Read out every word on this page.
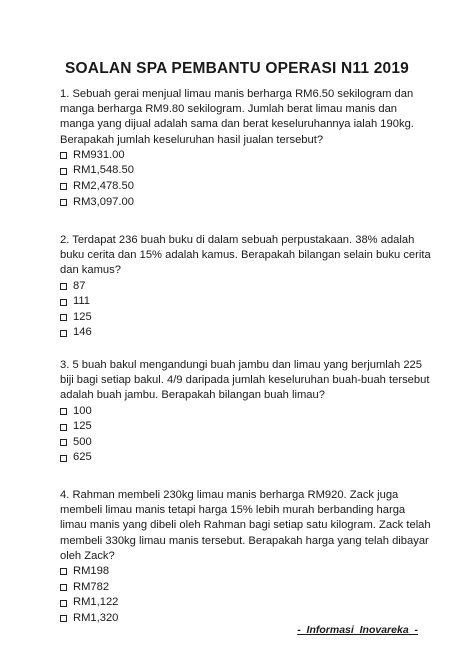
SOALAN SPA PEMBANTU OPERASI N11 2019

1. Sebuah gerai menjual limau manis berharga RM6.50 sekilogram dan manga berharga RM9.80 sekilogram. Jumlah berat limau manis dan manga yang dijual adalah sama dan berat keseluruhannya ialah 190kg. Berapakah jumlah keseluruhan hasil jualan tersebut?

RM931.00
RM1,548.50
RM2,478.50
RM3,097.00

2. Terdapat 236 buah buku di dalam sebuah perpustakaan. 38% adalah buku cerita dan 15% adalah kamus. Berapakah bilangan selain buku cerita dan kamus?

87
111
125
146

3. 5 buah bakul mengandungi buah jambu dan limau yang berjumlah 225 biji bagi setiap bakul. 4/9 daripada jumlah keseluruhan buah-buah tersebut adalah buah jambu. Berapakah bilangan buah limau?

100
125
500
625

4. Rahman membeli 230kg limau manis berharga RM920. Zack juga membeli limau manis tetapi harga 15% lebih murah berbanding harga limau manis yang dibeli oleh Rahman bagi setiap satu kilogram. Zack telah membeli 330kg limau manis tersebut. Berapakah harga yang telah dibayar oleh Zack?

RM198
RM782
RM1,122
RM1,320
-_Informasi_Inovareka_-
